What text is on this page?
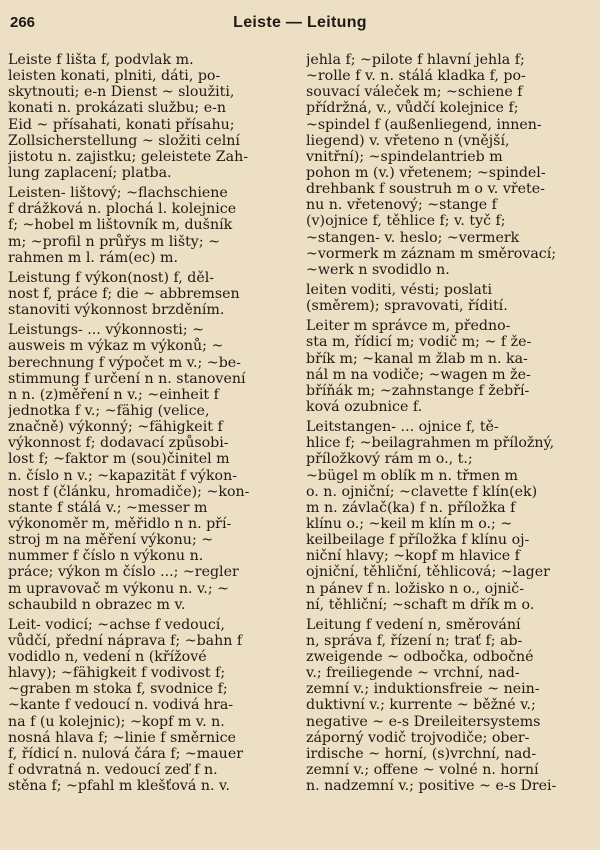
266	Leiste — Leitung
Leiste f lišta f, podvlak m.
leisten konati, plniti, dáti, po-
skytnouti; e-n Dienst ~ sloužiti,
konati n. prokázati službu; e-n
Eid ~ přísahati, konati přísahu;
Zollsicherstellung ~ složiti celní
jistotu n. zajistku; geleistete Zah-
lung zaplacení; platba.
Leisten- lištový; ~flachschiene
f drážková n. plochá l. kolejnice
f; ~hobel m lištovník m, dušník
m; ~profil n průřys m lišty; ~
rahmen m l. rám(ec) m.
Leistung f výkon(nost) f, děl-
nost f, práce f; die ~ abbremsen
stanoviti výkonnost brzděním.
Leistungs- ... výkonnosti; ~
ausweis m výkaz m výkonů; ~
berechnung f výpočet m v.; ~be-
stimmung f určení n n. stanovení
n n. (z)měření n v.; ~einheit f
jednotka f v.; ~fähig (velice,
značně) výkonný; ~fähigkeit f
výkonnost f; dodavací způsobi-
lost f; ~faktor m (sou)činitel m
n. číslo n v.; ~kapazität f výkon-
nost f (článku, hromadiče); ~kon-
stante f stálá v.; ~messer m
výkonoměr m, měřidlo n n. pří-
stroj m na měření výkonu; ~
nummer f číslo n výkonu n.
práce; výkon m číslo ...; ~regler
m upravovač m výkonu n. v.; ~
schaubild n obrazec m v.
Leit- vodicí; ~achse f vedoucí,
vůdčí, přední náprava f; ~bahn f
vodidlo n, vedení n (křížové
hlavy); ~fähigkeit f vodivost f;
~graben m stoka f, svodnice f;
~kante f vedoucí n. vodivá hra-
na f (u kolejnic); ~kopf m v. n.
nosná hlava f; ~linie f směrnice
f, řídicí n. nulová čára f; ~mauer
f odvratná n. vedoucí zeď f n.
stěna f; ~pfahl m klešťová n. v.
jehla f; ~pilote f hlavní jehla f;
~rolle f v. n. stálá kladka f, po-
souvací váleček m; ~schiene f
přídržná, v., vůdčí kolejnice f;
~spindel f (außenliegend, innen-
liegend) v. vřeteno n (vnější,
vnitřní); ~spindelantrieb m
pohon m (v.) vřetenem; ~spindel-
drehbank f soustruh m o v. vřete-
nu n. vřetenový; ~stange f
(v)ojnice f, těhlice f; v. tyč f;
~stangen- v. heslo; ~vermerk
~vormerk m záznam m směrovací;
~werk n svodidlo n.
leiten voditi, vésti; poslati
(směrem); spravovati, řídití.
Leiter m správce m, předno-
sta m, řídicí m; vodič m; ~ f že-
břík m; ~kanal m žlab m n. ka-
nál m na vodiče; ~wagen m že-
bříňák m; ~zahnstange f žebří-
ková ozubnice f.
Leitstangen- ... ojnice f, tě-
hlice f; ~beilagrahmen m příložný,
příložkový rám m o., t.;
~bügel m oblík m n. třmen m
o. n. ojniční; ~clavette f klín(ek)
m n. závlač(ka) f n. příložka f
klínu o.; ~keil m klín m o.; ~
keilbeilage f příložka f klínu oj-
niční hlavy; ~kopf m hlavice f
ojniční, těhliční, těhlicová; ~lager
n pánev f n. ložisko n o., ojnič-
ní, těhliční; ~schaft m dřík m o.
Leitung f vedení n, směrování
n, správa f, řízení n; trať f; ab-
zweigende ~ odbočka, odbočné
v.; freiliegende ~ vrchní, nad-
zemní v.; induktionsfreie ~ nein-
duktivní v.; kurrente ~ běžné v.;
negative ~ e-s Dreileitersystems
záporný vodič trojvodiče; ober-
irdische ~ horní, (s)vrchní, nad-
zemní v.; offene ~ volné n. horní
n. nadzemní v.; positive ~ e-s Drei-
